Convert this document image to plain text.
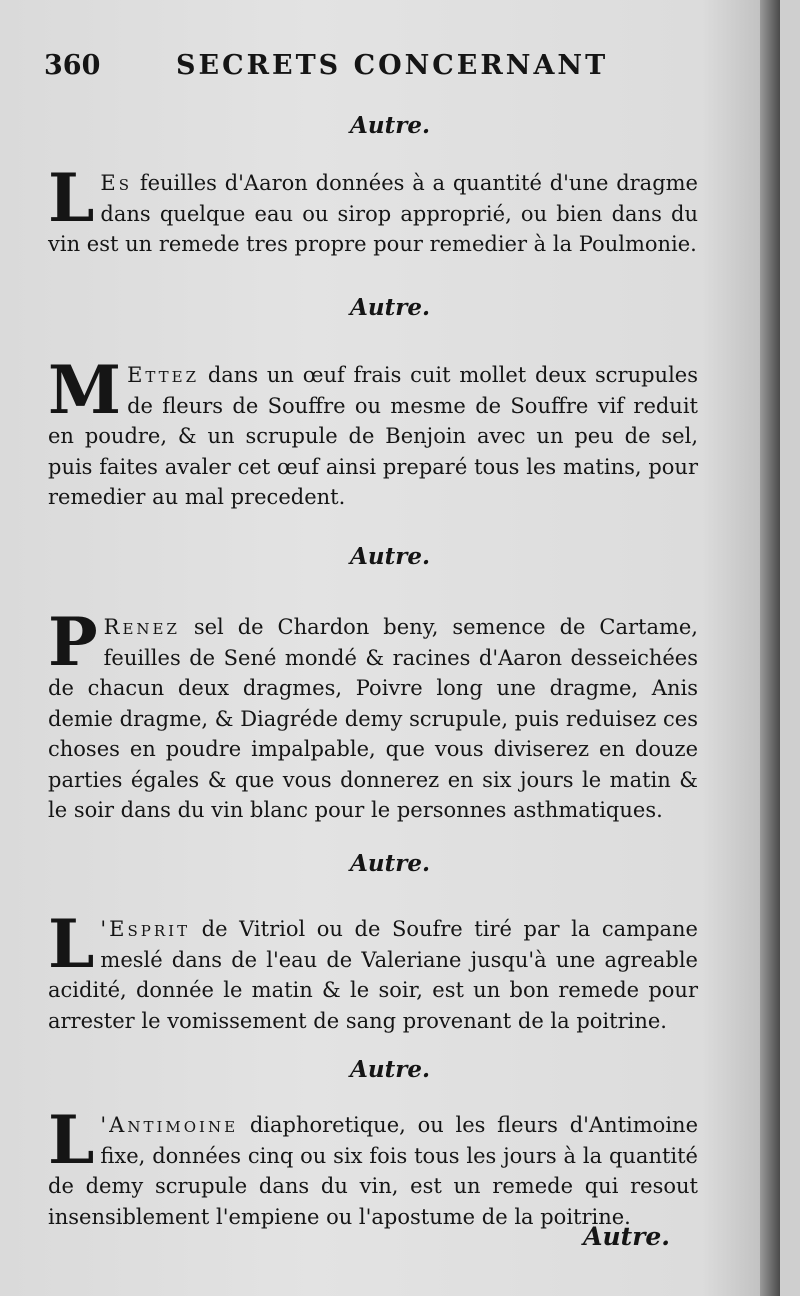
360	SECRETS CONCERNANT
Autre.
L Es feuilles d'Aaron données à a quantité d'une dragme dans quelque eau ou sirop approprié, ou bien dans du vin est un remede tres propre pour remedier à la Poulmonie.
Autre.
M Ettez dans un œuf frais cuit mollet deux scrupules de fleurs de Souffre ou mesme de Souffre vif reduit en poudre, & un scrupule de Benjoin avec un peu de sel, puis faites avaler cet œuf ainsi preparé tous les matins, pour remedier au mal precedent.
Autre.
P Renez sel de Chardon beny, semence de Cartame, feuilles de Sené mondé & racines d'Aaron desseichées de chacun deux dragmes, Poivre long une dragme, Anis demie dragme, & Diagréde demy scrupule, puis reduisez ces choses en poudre impalpable, que vous diviserez en douze parties égales & que vous donnerez en six jours le matin & le soir dans du vin blanc pour le personnes asthmatiques.
Autre.
L 'Esprit de Vitriol ou de Soufre tiré par la campane meslé dans de l'eau de Valeriane jusqu'à une agreable acidité, donnée le matin & le soir, est un bon remede pour arrester le vomissement de sang provenant de la poitrine.
Autre.
L 'Antimoine diaphoretique, ou les fleurs d'Antimoine fixe, données cinq ou six fois tous les jours à la quantité de demy scrupule dans du vin, est un remede qui resout insensiblement l'empiene ou l'apostume de la poitrine.
Autre.
